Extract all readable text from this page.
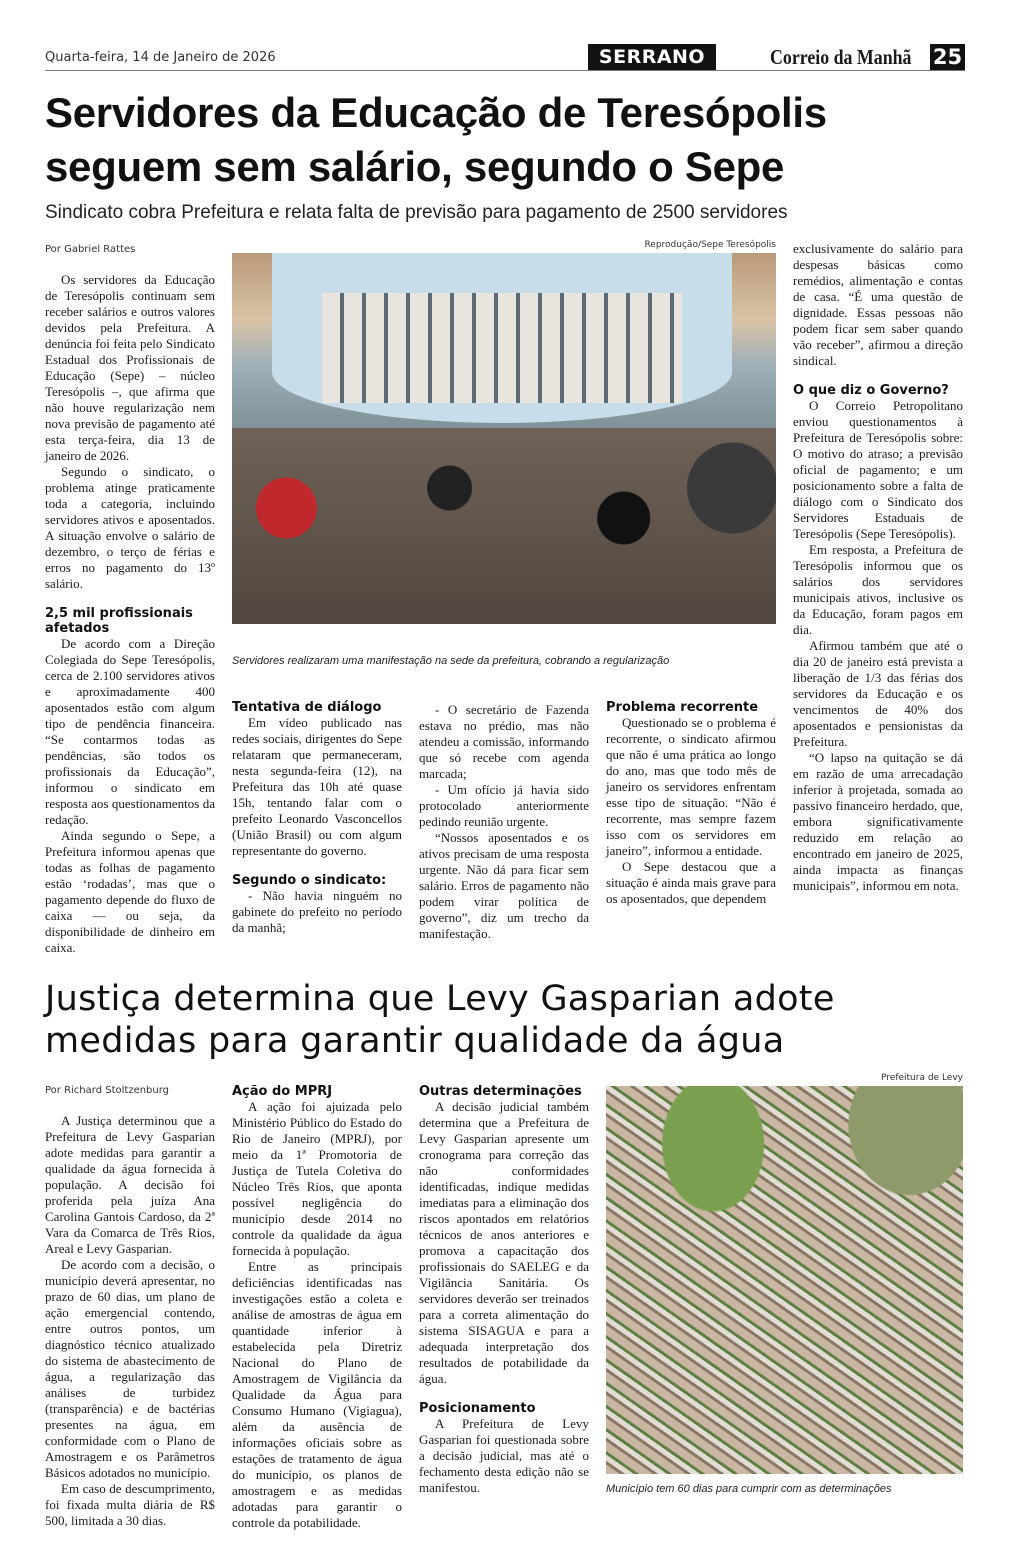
Quarta-feira, 14 de Janeiro de 2026	SERRANO	Correio da Manhã 25
Servidores da Educação de Teresópolis seguem sem salário, segundo o Sepe
Sindicato cobra Prefeitura e relata falta de previsão para pagamento de 2500 servidores
Por Gabriel Rattes

Os servidores da Educação de Teresópolis continuam sem receber salários e outros valores devidos pela Prefeitura. A denúncia foi feita pelo Sindicato Estadual dos Profissionais de Educação (Sepe) – núcleo Teresópolis –, que afirma que não houve regularização nem nova previsão de pagamento até esta terça-feira, dia 13 de janeiro de 2026.

Segundo o sindicato, o problema atinge praticamente toda a categoria, incluindo servidores ativos e aposentados. A situação envolve o salário de dezembro, o terço de férias e erros no pagamento do 13º salário.

2,5 mil profissionais afetados

De acordo com a Direção Colegiada do Sepe Teresópolis, cerca de 2.100 servidores ativos e aproximadamente 400 aposentados estão com algum tipo de pendência financeira. “Se contarmos todas as pendências, são todos os profissionais da Educação”, informou o sindicato em resposta aos questionamentos da redação.

Ainda segundo o Sepe, a Prefeitura informou apenas que todas as folhas de pagamento estão ‘rodadas’, mas que o pagamento depende do fluxo de caixa — ou seja, da disponibilidade de dinheiro em caixa.

Reprodução/Sepe Teresópolis
Servidores realizaram uma manifestação na sede da prefeitura, cobrando a regularização
Tentativa de diálogo

Em vídeo publicado nas redes sociais, dirigentes do Sepe relataram que permaneceram, nesta segunda-feira (12), na Prefeitura das 10h até quase 15h, tentando falar com o prefeito Leonardo Vasconcellos (União Brasil) ou com algum representante do governo.

Segundo o sindicato:

- Não havia ninguém no gabinete do prefeito no período da manhã;

- O secretário de Fazenda estava no prédio, mas não atendeu a comissão, informando que só recebe com agenda marcada;

- Um ofício já havia sido protocolado anteriormente pedindo reunião urgente.

“Nossos aposentados e os ativos precisam de uma resposta urgente. Não dá para ficar sem salário. Erros de pagamento não podem virar política de governo”, diz um trecho da manifestação.

Problema recorrente

Questionado se o problema é recorrente, o sindicato afirmou que não é uma prática ao longo do ano, mas que todo mês de janeiro os servidores enfrentam esse tipo de situação. “Não é recorrente, mas sempre fazem isso com os servidores em janeiro”, informou a entidade.

O Sepe destacou que a situação é ainda mais grave para os aposentados, que dependem

exclusivamente do salário para despesas básicas como remédios, alimentação e contas de casa. “É uma questão de dignidade. Essas pessoas não podem ficar sem saber quando vão receber”, afirmou a direção sindical.

O que diz o Governo?

O Correio Petropolitano enviou questionamentos à Prefeitura de Teresópolis sobre: O motivo do atraso; a previsão oficial de pagamento; e um posicionamento sobre a falta de diálogo com o Sindicato dos Servidores Estaduais de Teresópolis (Sepe Teresópolis).

Em resposta, a Prefeitura de Teresópolis informou que os salários dos servidores municipais ativos, inclusive os da Educação, foram pagos em dia.

Afirmou também que até o dia 20 de janeiro está prevista a liberação de 1/3 das férias dos servidores da Educação e os vencimentos de 40% dos aposentados e pensionistas da Prefeitura.

“O lapso na quitação se dá em razão de uma arrecadação inferior à projetada, somada ao passivo financeiro herdado, que, embora significativamente reduzido em relação ao encontrado em janeiro de 2025, ainda impacta as finanças municipais”, informou em nota.

Justiça determina que Levy Gasparian adote medidas para garantir qualidade da água
Por Richard Stoltzenburg

A Justiça determinou que a Prefeitura de Levy Gasparian adote medidas para garantir a qualidade da água fornecida à população. A decisão foi proferida pela juíza Ana Carolina Gantois Cardoso, da 2ª Vara da Comarca de Três Rios, Areal e Levy Gasparian.

De acordo com a decisão, o município deverá apresentar, no prazo de 60 dias, um plano de ação emergencial contendo, entre outros pontos, um diagnóstico técnico atualizado do sistema de abastecimento de água, a regularização das análises de turbidez (transparência) e de bactérias presentes na água, em conformidade com o Plano de Amostragem e os Parâmetros Básicos adotados no município.

Em caso de descumprimento, foi fixada multa diária de R$ 500, limitada a 30 dias.

Ação do MPRJ

A ação foi ajuizada pelo Ministério Público do Estado do Rio de Janeiro (MPRJ), por meio da 1ª Promotoria de Justiça de Tutela Coletiva do Núcleo Três Rios, que aponta possível negligência do município desde 2014 no controle da qualidade da água fornecida à população.

Entre as principais deficiências identificadas nas investigações estão a coleta e análise de amostras de água em quantidade inferior à estabelecida pela Diretriz Nacional do Plano de Amostragem de Vigilância da Qualidade da Água para Consumo Humano (Vigiagua), além da ausência de informações oficiais sobre as estações de tratamento de água do município, os planos de amostragem e as medidas adotadas para garantir o controle da potabilidade.

Outras determinações

A decisão judicial também determina que a Prefeitura de Levy Gasparian apresente um cronograma para correção das não conformidades identificadas, indique medidas imediatas para a eliminação dos riscos apontados em relatórios técnicos de anos anteriores e promova a capacitação dos profissionais do SAELEG e da Vigilância Sanitária. Os servidores deverão ser treinados para a correta alimentação do sistema SISAGUA e para a adequada interpretação dos resultados de potabilidade da água.

Posicionamento

A Prefeitura de Levy Gasparian foi questionada sobre a decisão judicial, mas até o fechamento desta edição não se manifestou.

Prefeitura de Levy
Município tem 60 dias para cumprir com as determinações
